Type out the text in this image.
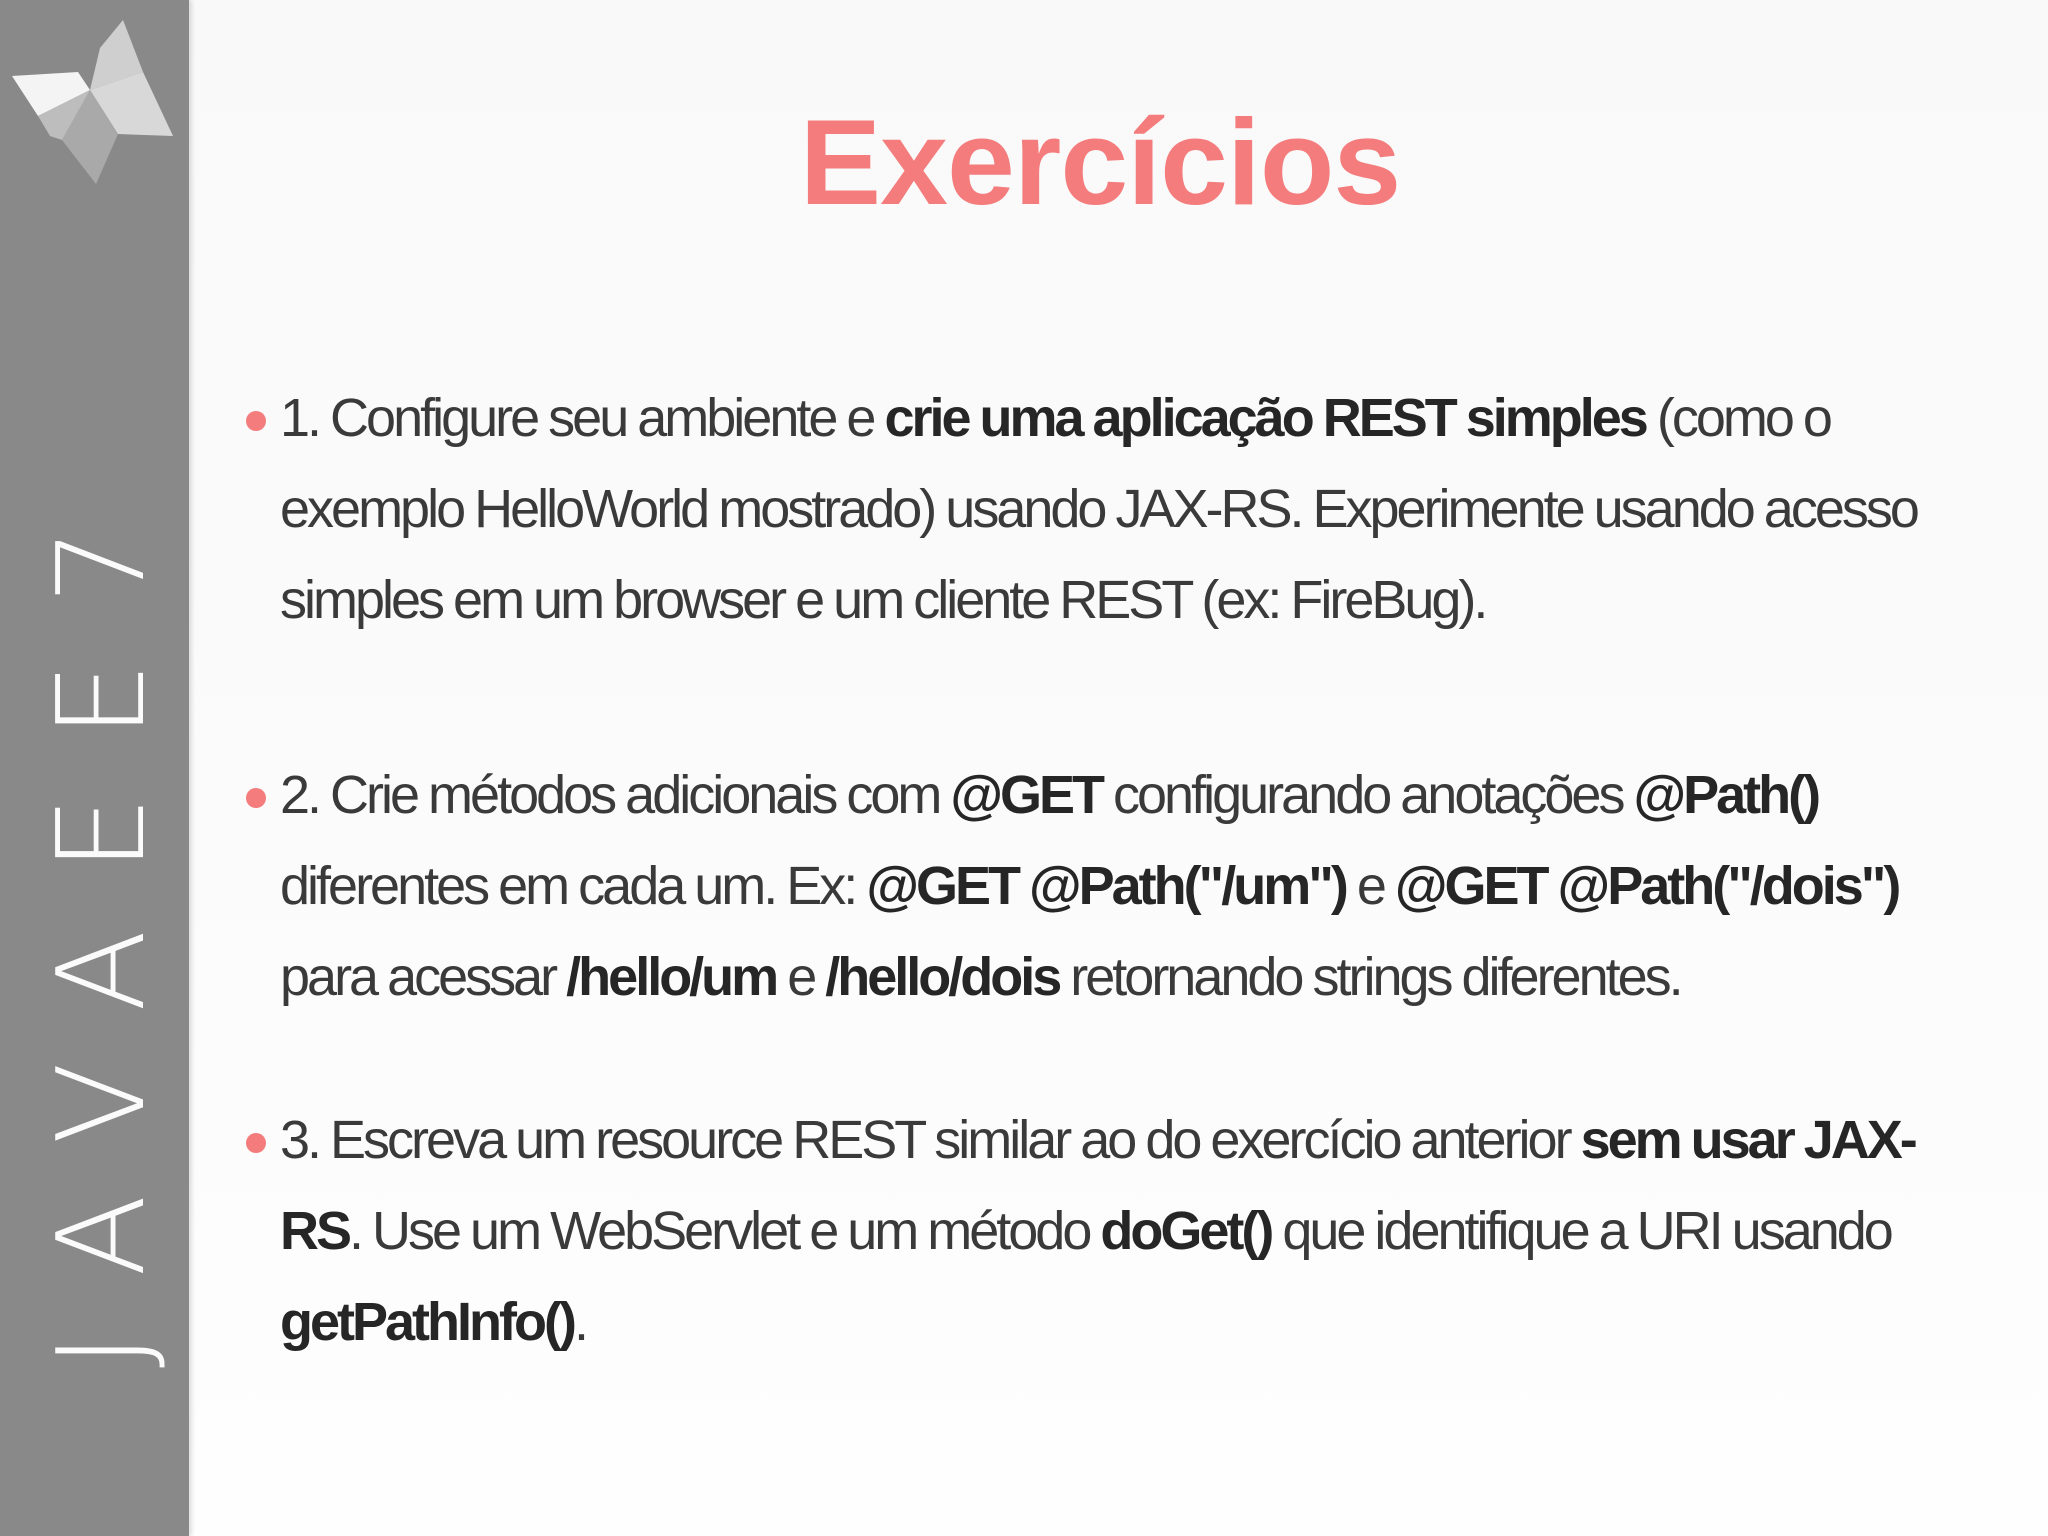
JAVAEE7
Exercícios
1. Configure seu ambiente e crie uma aplicação REST simples (como o exemplo HelloWorld mostrado) usando JAX-RS. Experimente usando acesso simples em um browser e um cliente REST (ex: FireBug).
2. Crie métodos adicionais com @GET configurando anotações @Path() diferentes em cada um. Ex: @GET @Path("/um") e @GET @Path("/dois") para acessar /hello/um e /hello/dois retornando strings diferentes.
3. Escreva um resource REST similar ao do exercício anterior sem usar JAX-RS. Use um WebServlet e um método doGet() que identifique a URI usando getPathInfo().
